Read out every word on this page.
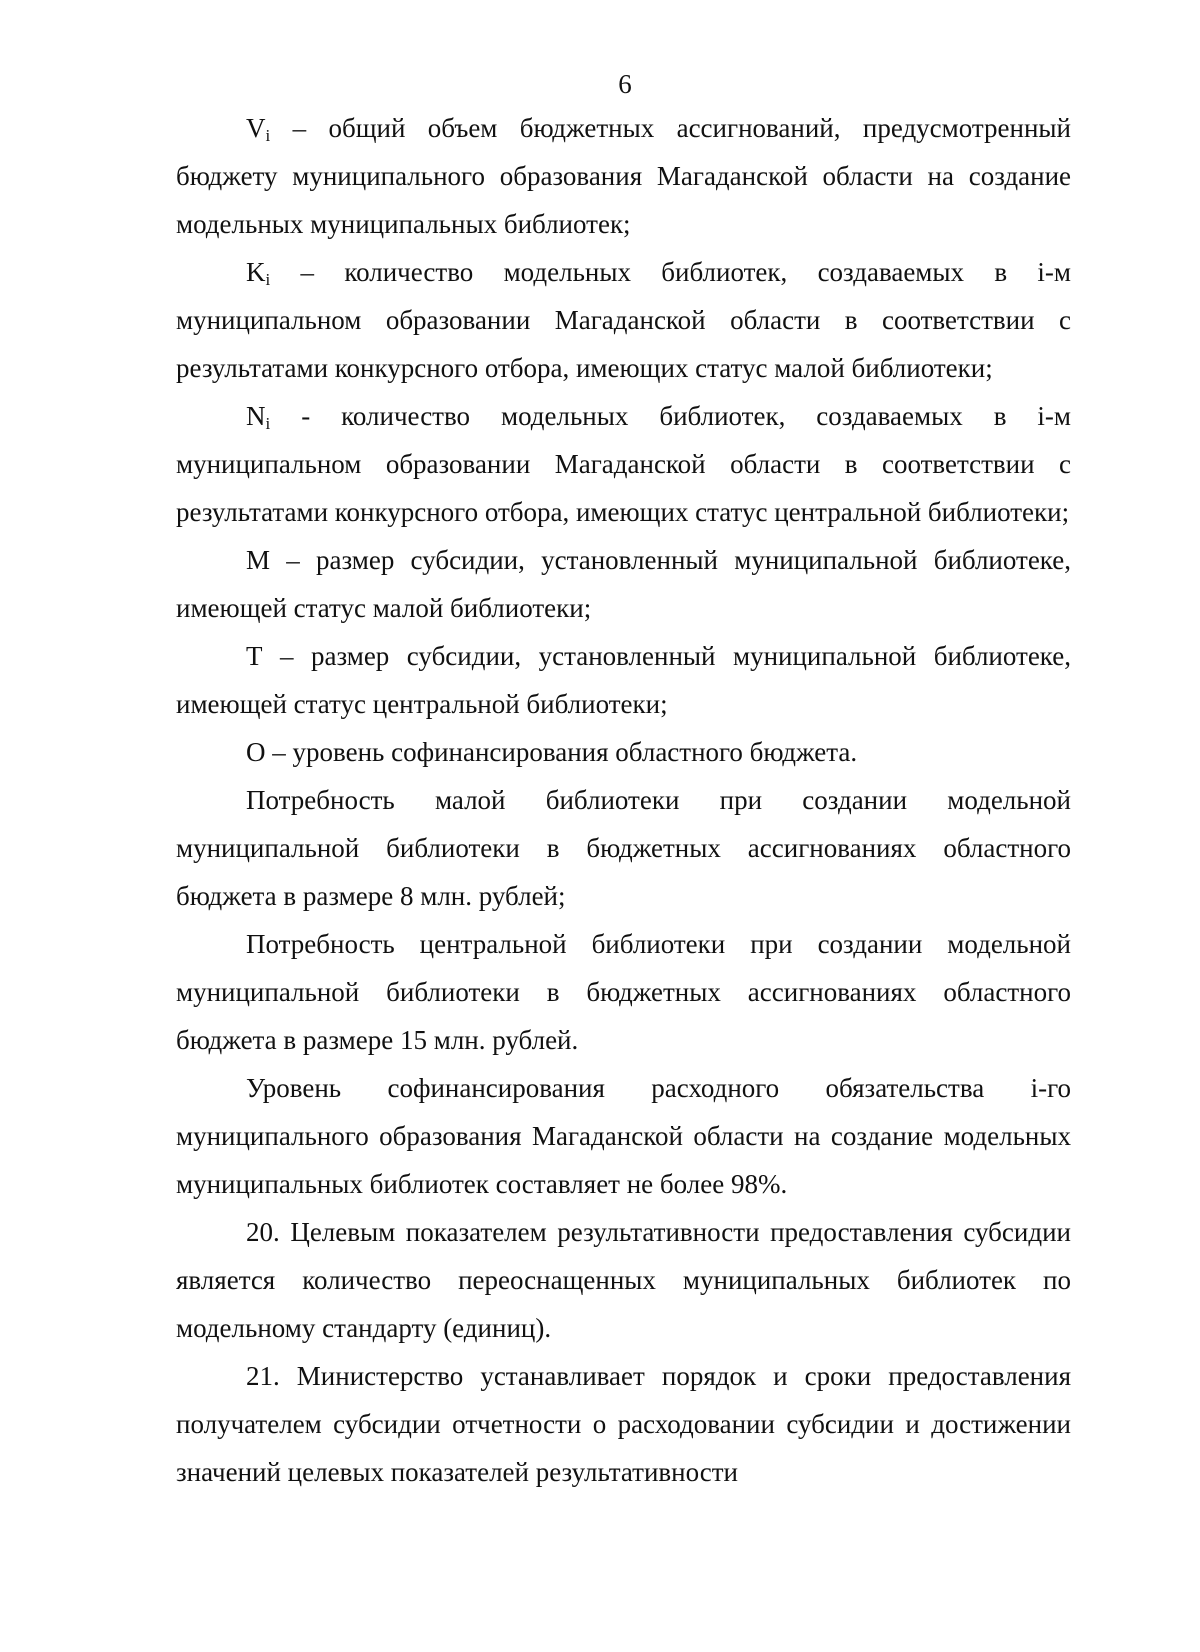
6

$V_i$ – общий объем бюджетных ассигнований, предусмотренный бюджету муниципального образования Магаданской области на создание модельных муниципальных библиотек;

$K_i$ – количество модельных библиотек, создаваемых в i-м муниципальном образовании Магаданской области в соответствии с результатами конкурсного отбора, имеющих статус малой библиотеки;

$N_i$ - количество модельных библиотек, создаваемых в i-м муниципальном образовании Магаданской области в соответствии с результатами конкурсного отбора, имеющих статус центральной библиотеки;

М – размер субсидии, установленный муниципальной библиотеке, имеющей статус малой библиотеки;

Т – размер субсидии, установленный муниципальной библиотеке, имеющей статус центральной библиотеки;

О – уровень софинансирования областного бюджета.

Потребность малой библиотеки при создании модельной муниципальной библиотеки в бюджетных ассигнованиях областного бюджета в размере 8 млн. рублей;

Потребность центральной библиотеки при создании модельной муниципальной библиотеки в бюджетных ассигнованиях областного бюджета в размере 15 млн. рублей.

Уровень софинансирования расходного обязательства i-го муниципального образования Магаданской области на создание модельных муниципальных библиотек составляет не более 98%.

20. Целевым показателем результативности предоставления субсидии является количество переоснащенных муниципальных библиотек по модельному стандарту (единиц).

21. Министерство устанавливает порядок и сроки предоставления получателем субсидии отчетности о расходовании субсидии и достижении значений целевых показателей результативности
